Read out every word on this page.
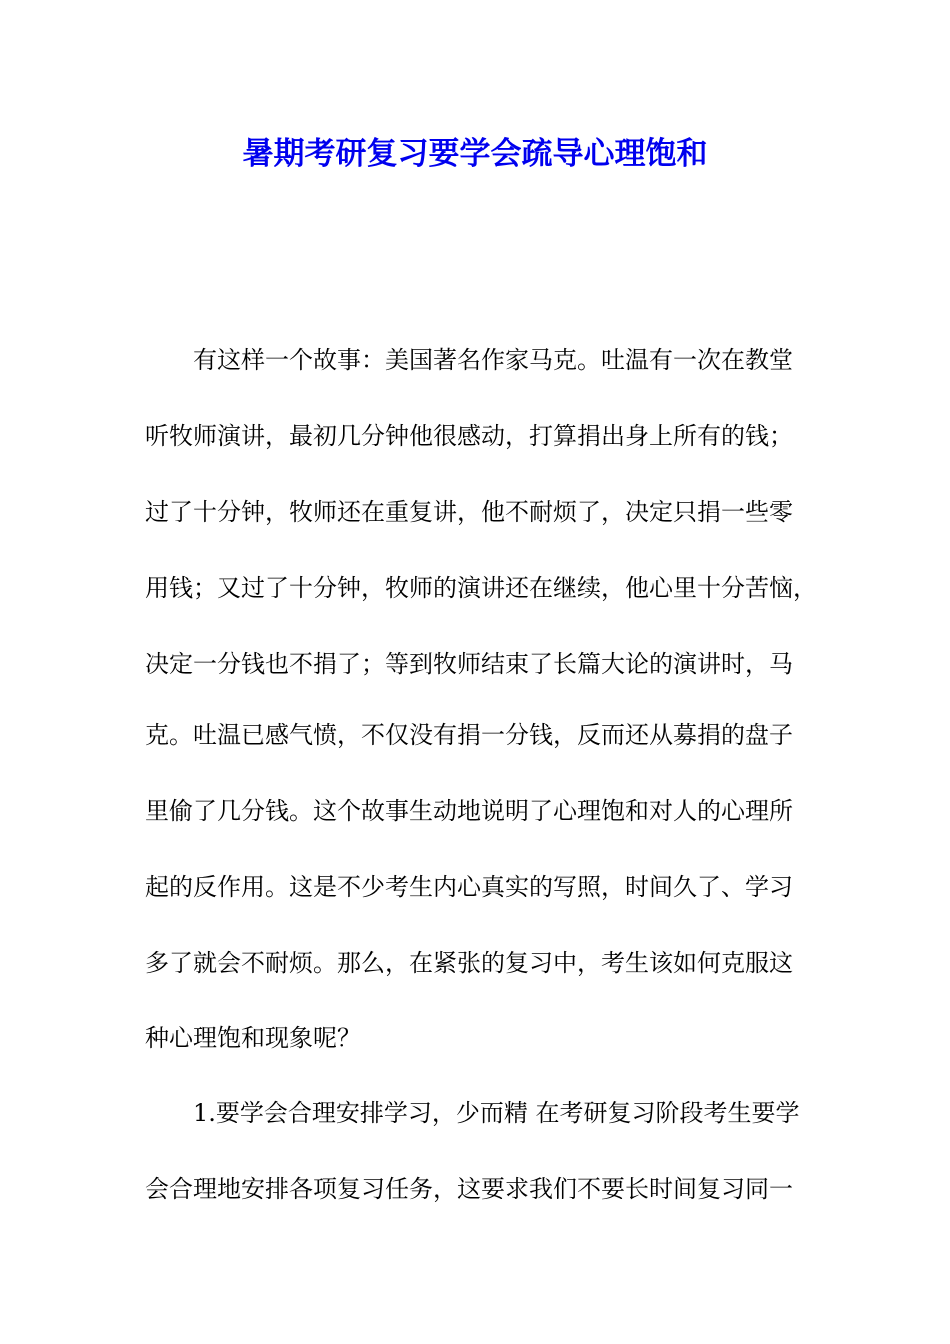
暑期考研复习要学会疏导心理饱和
有这样一个故事：美国著名作家马克。吐温有一次在教堂
听牧师演讲，最初几分钟他很感动，打算捐出身上所有的钱；
过了十分钟，牧师还在重复讲，他不耐烦了，决定只捐一些零
用钱；又过了十分钟，牧师的演讲还在继续，他心里十分苦恼，
决定一分钱也不捐了；等到牧师结束了长篇大论的演讲时，马
克。吐温已感气愤，不仅没有捐一分钱，反而还从募捐的盘子
里偷了几分钱。这个故事生动地说明了心理饱和对人的心理所
起的反作用。这是不少考生内心真实的写照，时间久了、学习
多了就会不耐烦。那么，在紧张的复习中，考生该如何克服这
种心理饱和现象呢？
1.要学会合理安排学习，少而精 在考研复习阶段考生要学
会合理地安排各项复习任务，这要求我们不要长时间复习同一
